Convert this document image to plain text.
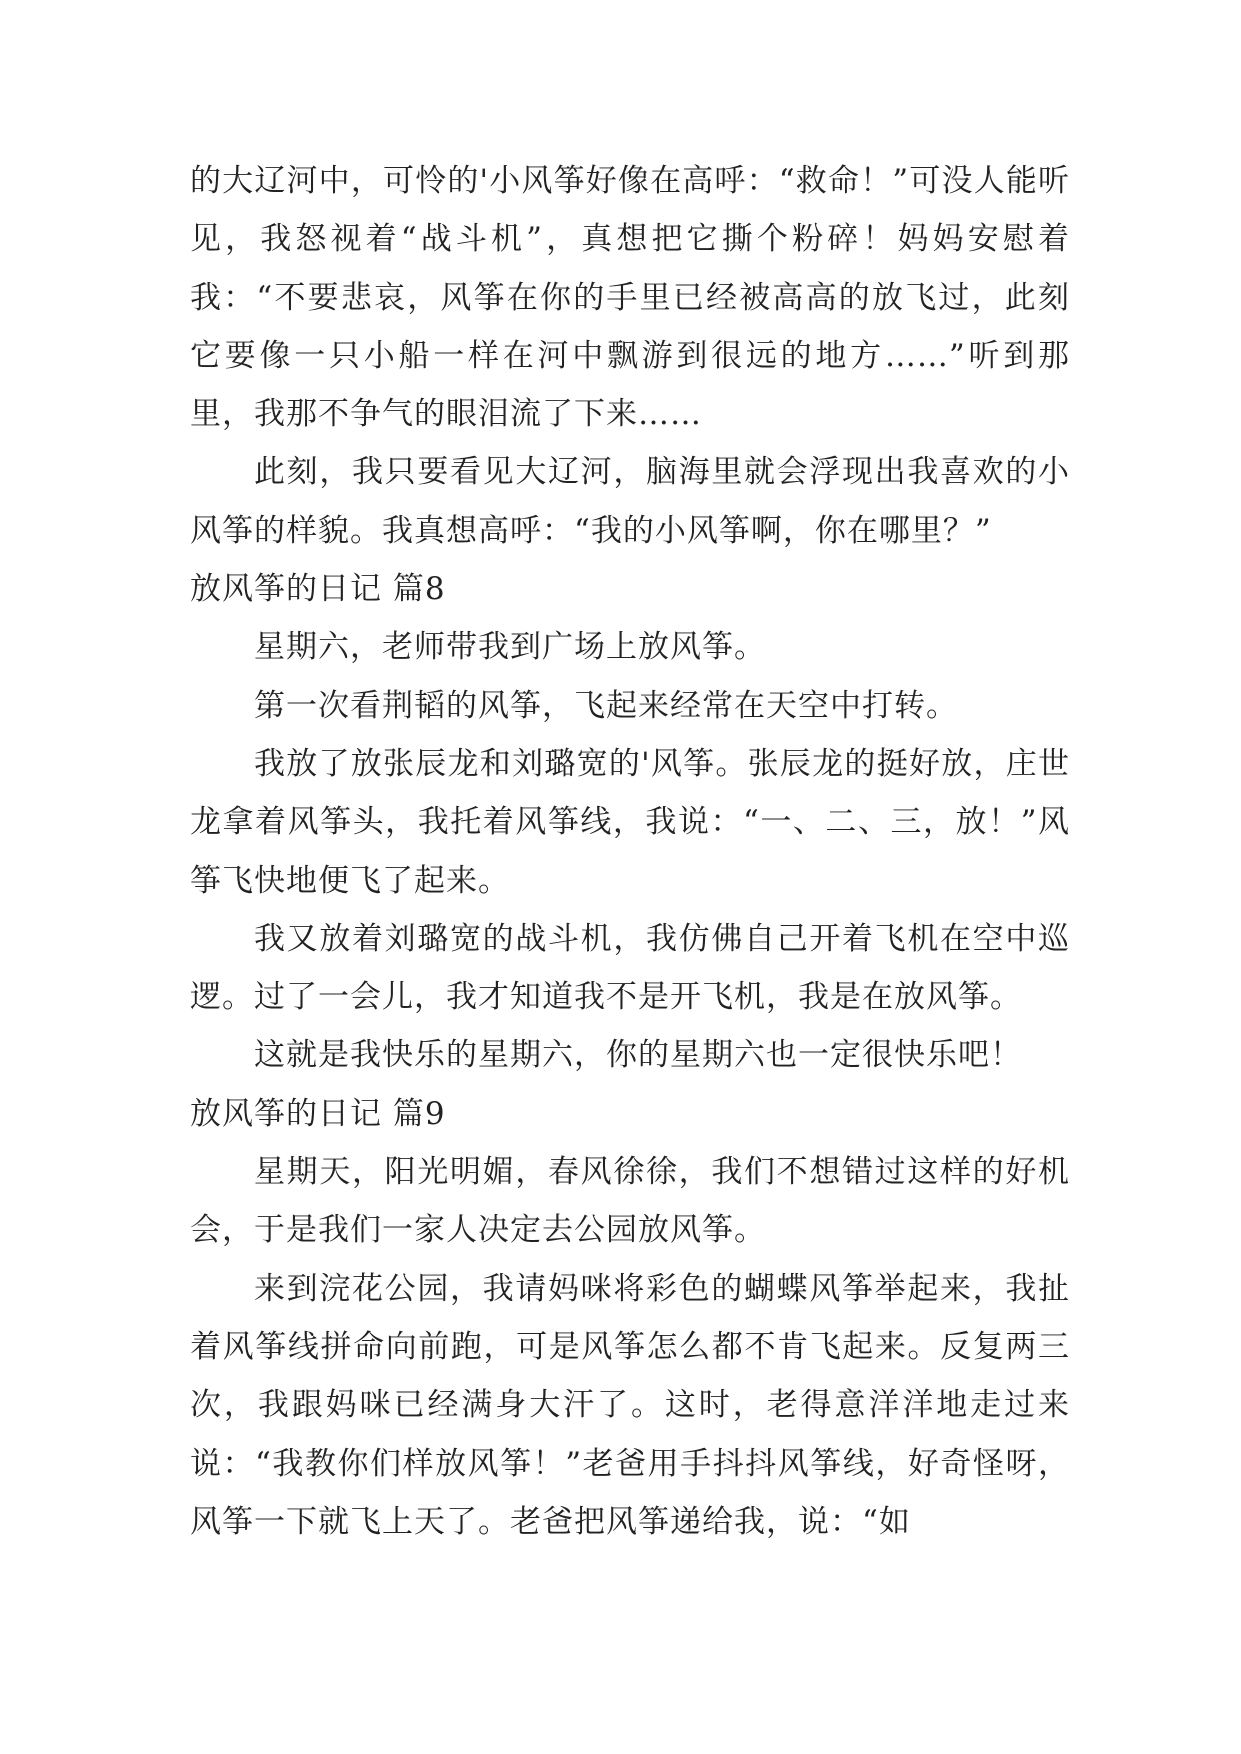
的大辽河中，可怜的'小风筝好像在高呼：“救命！”可没人能听见，我怒视着“战斗机”，真想把它撕个粉碎！妈妈安慰着我：“不要悲哀，风筝在你的手里已经被高高的放飞过，此刻它要像一只小船一样在河中飘游到很远的地方……”听到那里，我那不争气的眼泪流了下来……

此刻，我只要看见大辽河，脑海里就会浮现出我喜欢的小风筝的样貌。我真想高呼：“我的小风筝啊，你在哪里？”

放风筝的日记 篇8

星期六，老师带我到广场上放风筝。

第一次看荆韬的风筝，飞起来经常在天空中打转。

我放了放张辰龙和刘璐宽的'风筝。张辰龙的挺好放，庄世龙拿着风筝头，我托着风筝线，我说：“一、二、三，放！”风筝飞快地便飞了起来。

我又放着刘璐宽的战斗机，我仿佛自己开着飞机在空中巡逻。过了一会儿，我才知道我不是开飞机，我是在放风筝。

这就是我快乐的星期六，你的星期六也一定很快乐吧！

放风筝的日记 篇9

星期天，阳光明媚，春风徐徐，我们不想错过这样的好机会，于是我们一家人决定去公园放风筝。

来到浣花公园，我请妈咪将彩色的蝴蝶风筝举起来，我扯着风筝线拼命向前跑，可是风筝怎么都不肯飞起来。反复两三次，我跟妈咪已经满身大汗了。这时，老得意洋洋地走过来说：“我教你们样放风筝！”老爸用手抖抖风筝线，好奇怪呀，风筝一下就飞上天了。老爸把风筝递给我，说：“如
